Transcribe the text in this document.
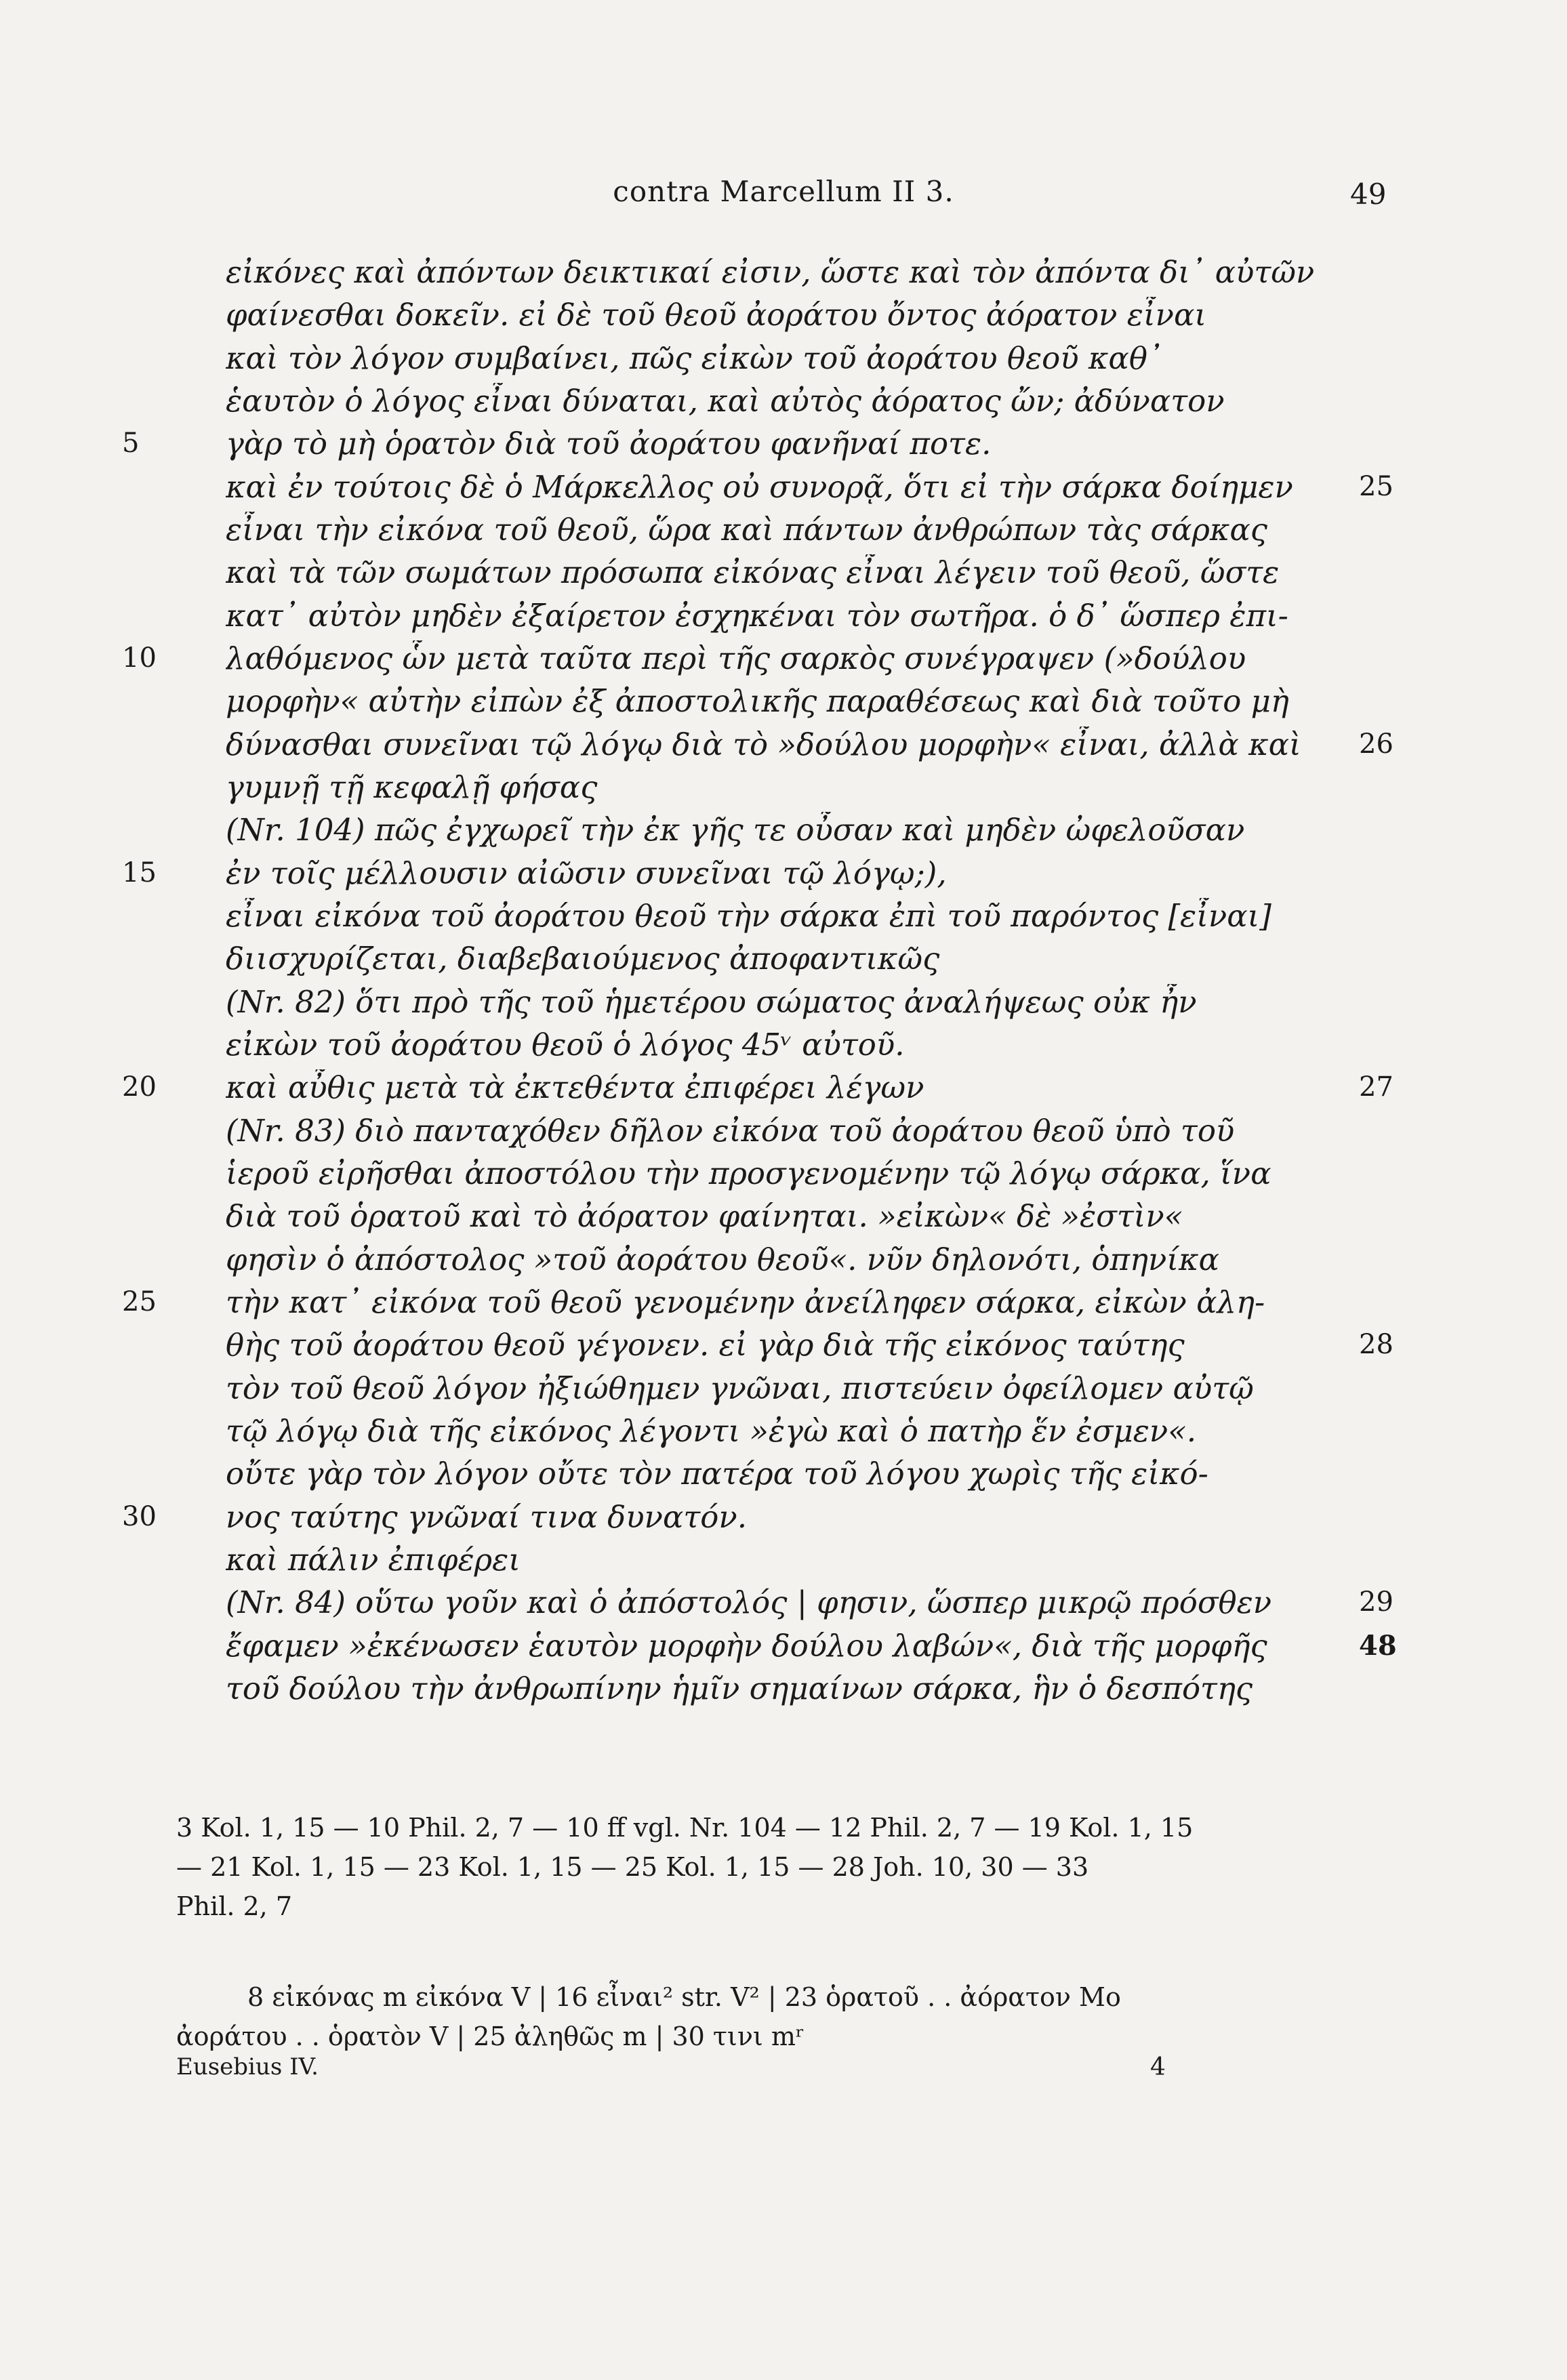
contra Marcellum II 3.	49
εἰκόνες καὶ ἀπόντων δεικτικαί εἰσιν, ὥστε καὶ τὸν ἀπόντα δι᾿ αὐτῶν
φαίνεσθαι δοκεῖν. εἰ δὲ τοῦ θεοῦ ἀοράτου ὄντος ἀόρατον εἶναι
καὶ τὸν λόγον συμβαίνει, πῶς εἰκὼν τοῦ ἀοράτου θεοῦ καθ᾿
ἑαυτὸν ὁ λόγος εἶναι δύναται, καὶ αὐτὸς ἀόρατος ὤν; ἀδύνατον
γὰρ τὸ μὴ ὁρατὸν διὰ τοῦ ἀοράτου φανῆναί ποτε.
καὶ ἐν τούτοις δὲ ὁ Μάρκελλος οὐ συνορᾷ, ὅτι εἰ τὴν σάρκα δοίημεν
εἶναι τὴν εἰκόνα τοῦ θεοῦ, ὥρα καὶ πάντων ἀνθρώπων τὰς σάρκας
καὶ τὰ τῶν σωμάτων πρόσωπα εἰκόνας εἶναι λέγειν τοῦ θεοῦ, ὥστε
κατ᾿ αὐτὸν μηδὲν ἐξαίρετον ἐσχηκέναι τὸν σωτῆρα. ὁ δ᾿ ὥσπερ ἐπι-
λαθόμενος ὧν μετὰ ταῦτα περὶ τῆς σαρκὸς συνέγραψεν (»δούλου
μορφὴν« αὐτὴν εἰπὼν ἐξ ἀποστολικῆς παραθέσεως καὶ διὰ τοῦτο μὴ
δύνασθαι συνεῖναι τῷ λόγῳ διὰ τὸ »δούλου μορφὴν« εἶναι, ἀλλὰ καὶ
γυμνῇ τῇ κεφαλῇ φήσας
(Nr. 104) πῶς ἐγχωρεῖ τὴν ἐκ γῆς τε οὖσαν καὶ μηδὲν ὠφελοῦσαν
ἐν τοῖς μέλλουσιν αἰῶσιν συνεῖναι τῷ λόγῳ;),
εἶναι εἰκόνα τοῦ ἀοράτου θεοῦ τὴν σάρκα ἐπὶ τοῦ παρόντος [εἶναι]
διισχυρίζεται, διαβεβαιούμενος ἀποφαντικῶς
(Nr. 82) ὅτι πρὸ τῆς τοῦ ἡμετέρου σώματος ἀναλήψεως οὐκ ἦν
εἰκὼν τοῦ ἀοράτου θεοῦ ὁ λόγος 45ᵛ αὐτοῦ.
καὶ αὖθις μετὰ τὰ ἐκτεθέντα ἐπιφέρει λέγων
(Nr. 83) διὸ πανταχόθεν δῆλον εἰκόνα τοῦ ἀοράτου θεοῦ ὑπὸ τοῦ
ἱεροῦ εἰρῆσθαι ἀποστόλου τὴν προσγενομένην τῷ λόγῳ σάρκα, ἵνα
διὰ τοῦ ὁρατοῦ καὶ τὸ ἀόρατον φαίνηται. »εἰκὼν« δὲ »ἐστὶν«
φησὶν ὁ ἀπόστολος »τοῦ ἀοράτου θεοῦ«. νῦν δηλονότι, ὁπηνίκα
τὴν κατ᾿ εἰκόνα τοῦ θεοῦ γενομένην ἀνείληφεν σάρκα, εἰκὼν ἀλη-
θὴς τοῦ ἀοράτου θεοῦ γέγονεν. εἰ γὰρ διὰ τῆς εἰκόνος ταύτης
τὸν τοῦ θεοῦ λόγον ἠξιώθημεν γνῶναι, πιστεύειν ὀφείλομεν αὐτῷ
τῷ λόγῳ διὰ τῆς εἰκόνος λέγοντι »ἐγὼ καὶ ὁ πατὴρ ἕν ἐσμεν«.
οὔτε γὰρ τὸν λόγον οὔτε τὸν πατέρα τοῦ λόγου χωρὶς τῆς εἰκό-
νος ταύτης γνῶναί τινα δυνατόν.
καὶ πάλιν ἐπιφέρει
(Nr. 84) οὕτω γοῦν καὶ ὁ ἀπόστολός | φησιν, ὥσπερ μικρῷ πρόσθεν
ἔφαμεν »ἐκένωσεν ἑαυτὸν μορφὴν δούλου λαβών«, διὰ τῆς μορφῆς
τοῦ δούλου τὴν ἀνθρωπίνην ἡμῖν σημαίνων σάρκα, ἣν ὁ δεσπότης
5
10
15
20
25
30
25
26
27
28
29
48
3 Kol. 1, 15 — 10 Phil. 2, 7 — 10 ff vgl. Nr. 104 — 12 Phil. 2, 7 — 19 Kol. 1, 15
— 21 Kol. 1, 15 — 23 Kol. 1, 15 — 25 Kol. 1, 15 — 28 Joh. 10, 30 — 33
Phil. 2, 7
8 εἰκόνας m εἰκόνα V | 16 εἶναι² str. V² | 23 ὁρατοῦ . . ἀόρατον Mo
ἀοράτου . . ὁρατὸν V | 25 ἀληθῶς m | 30 τινι mʳ
Eusebius IV.	4
